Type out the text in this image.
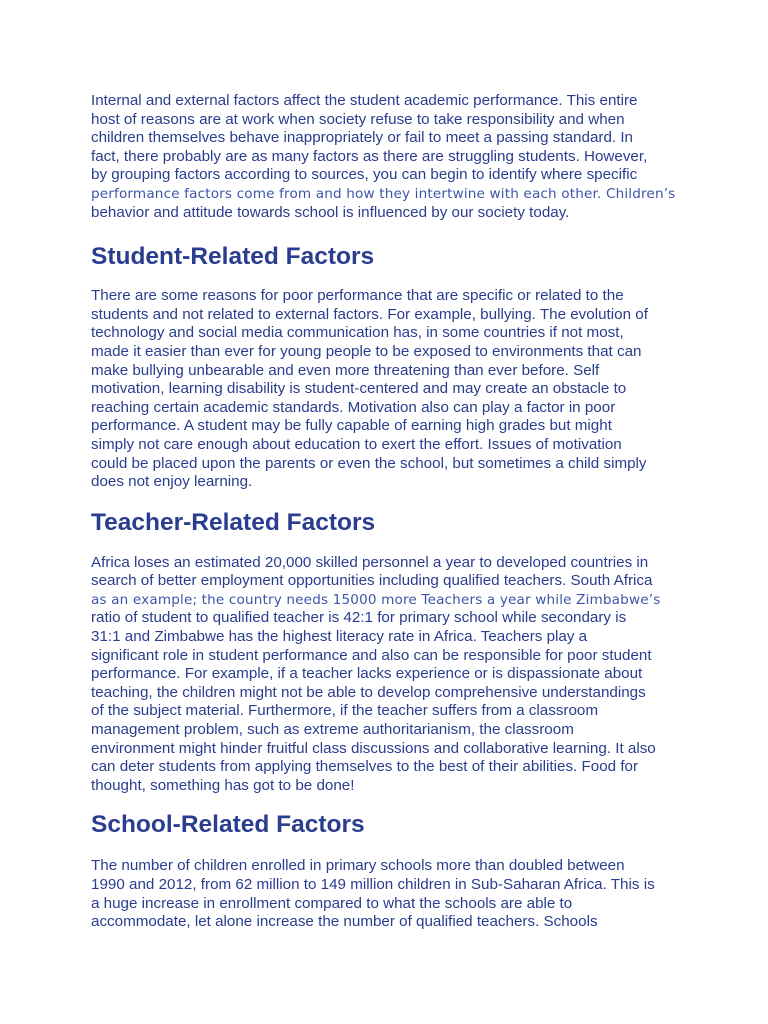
Internal and external factors affect the student academic performance. This entire
host of reasons are at work when society refuse to take responsibility and when
children themselves behave inappropriately or fail to meet a passing standard. In
fact, there probably are as many factors as there are struggling students. However,
by grouping factors according to sources, you can begin to identify where specific
performance factors come from and how they intertwine with each other. Children’s
behavior and attitude towards school is influenced by our society today.

Student-Related Factors

There are some reasons for poor performance that are specific or related to the
students and not related to external factors. For example, bullying. The evolution of
technology and social media communication has, in some countries if not most,
made it easier than ever for young people to be exposed to environments that can
make bullying unbearable and even more threatening than ever before. Self
motivation, learning disability is student-centered and may create an obstacle to
reaching certain academic standards. Motivation also can play a factor in poor
performance. A student may be fully capable of earning high grades but might
simply not care enough about education to exert the effort. Issues of motivation
could be placed upon the parents or even the school, but sometimes a child simply
does not enjoy learning.

Teacher-Related Factors

Africa loses an estimated 20,000 skilled personnel a year to developed countries in
search of better employment opportunities including qualified teachers. South Africa
as an example; the country needs 15000 more Teachers a year while Zimbabwe’s
ratio of student to qualified teacher is 42:1 for primary school while secondary is
31:1 and Zimbabwe has the highest literacy rate in Africa. Teachers play a
significant role in student performance and also can be responsible for poor student
performance. For example, if a teacher lacks experience or is dispassionate about
teaching, the children might not be able to develop comprehensive understandings
of the subject material. Furthermore, if the teacher suffers from a classroom
management problem, such as extreme authoritarianism, the classroom
environment might hinder fruitful class discussions and collaborative learning. It also
can deter students from applying themselves to the best of their abilities. Food for
thought, something has got to be done!

School-Related Factors

The number of children enrolled in primary schools more than doubled between
1990 and 2012, from 62 million to 149 million children in Sub-Saharan Africa. This is
a huge increase in enrollment compared to what the schools are able to
accommodate, let alone increase the number of qualified teachers. Schools
